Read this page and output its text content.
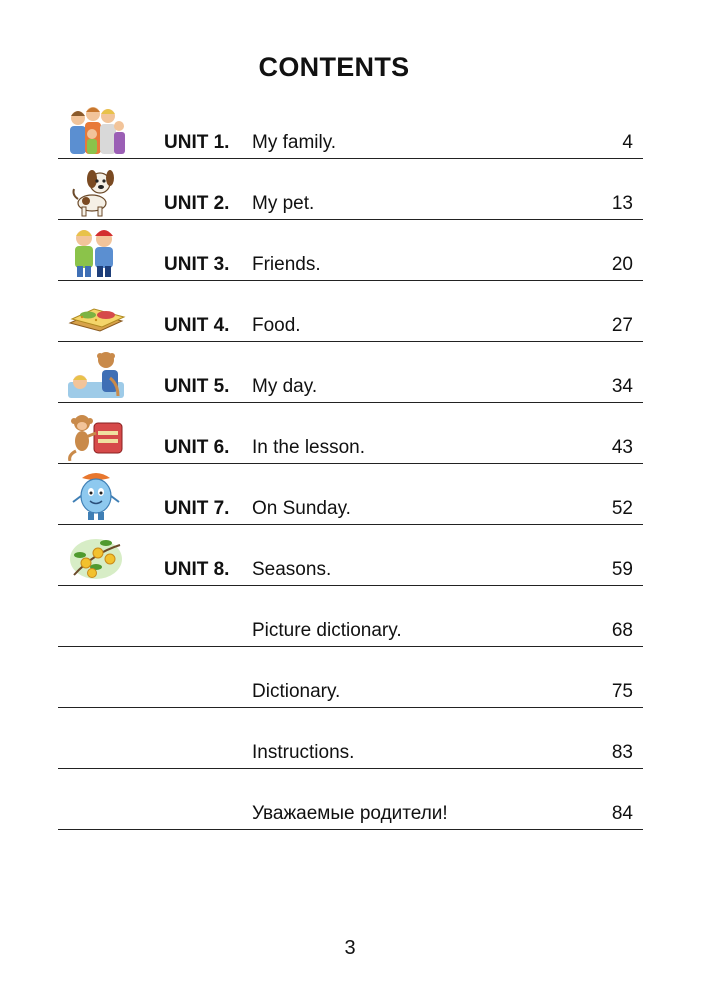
CONTENTS
UNIT 1. My family.	4
UNIT 2. My pet.	13
UNIT 3. Friends.	20
UNIT 4. Food.	27
UNIT 5. My day.	34
UNIT 6. In the lesson.	43
UNIT 7. On Sunday.	52
UNIT 8. Seasons.	59
Picture dictionary.	68
Dictionary.	75
Instructions.	83
Уважаемые родители!	84
3
